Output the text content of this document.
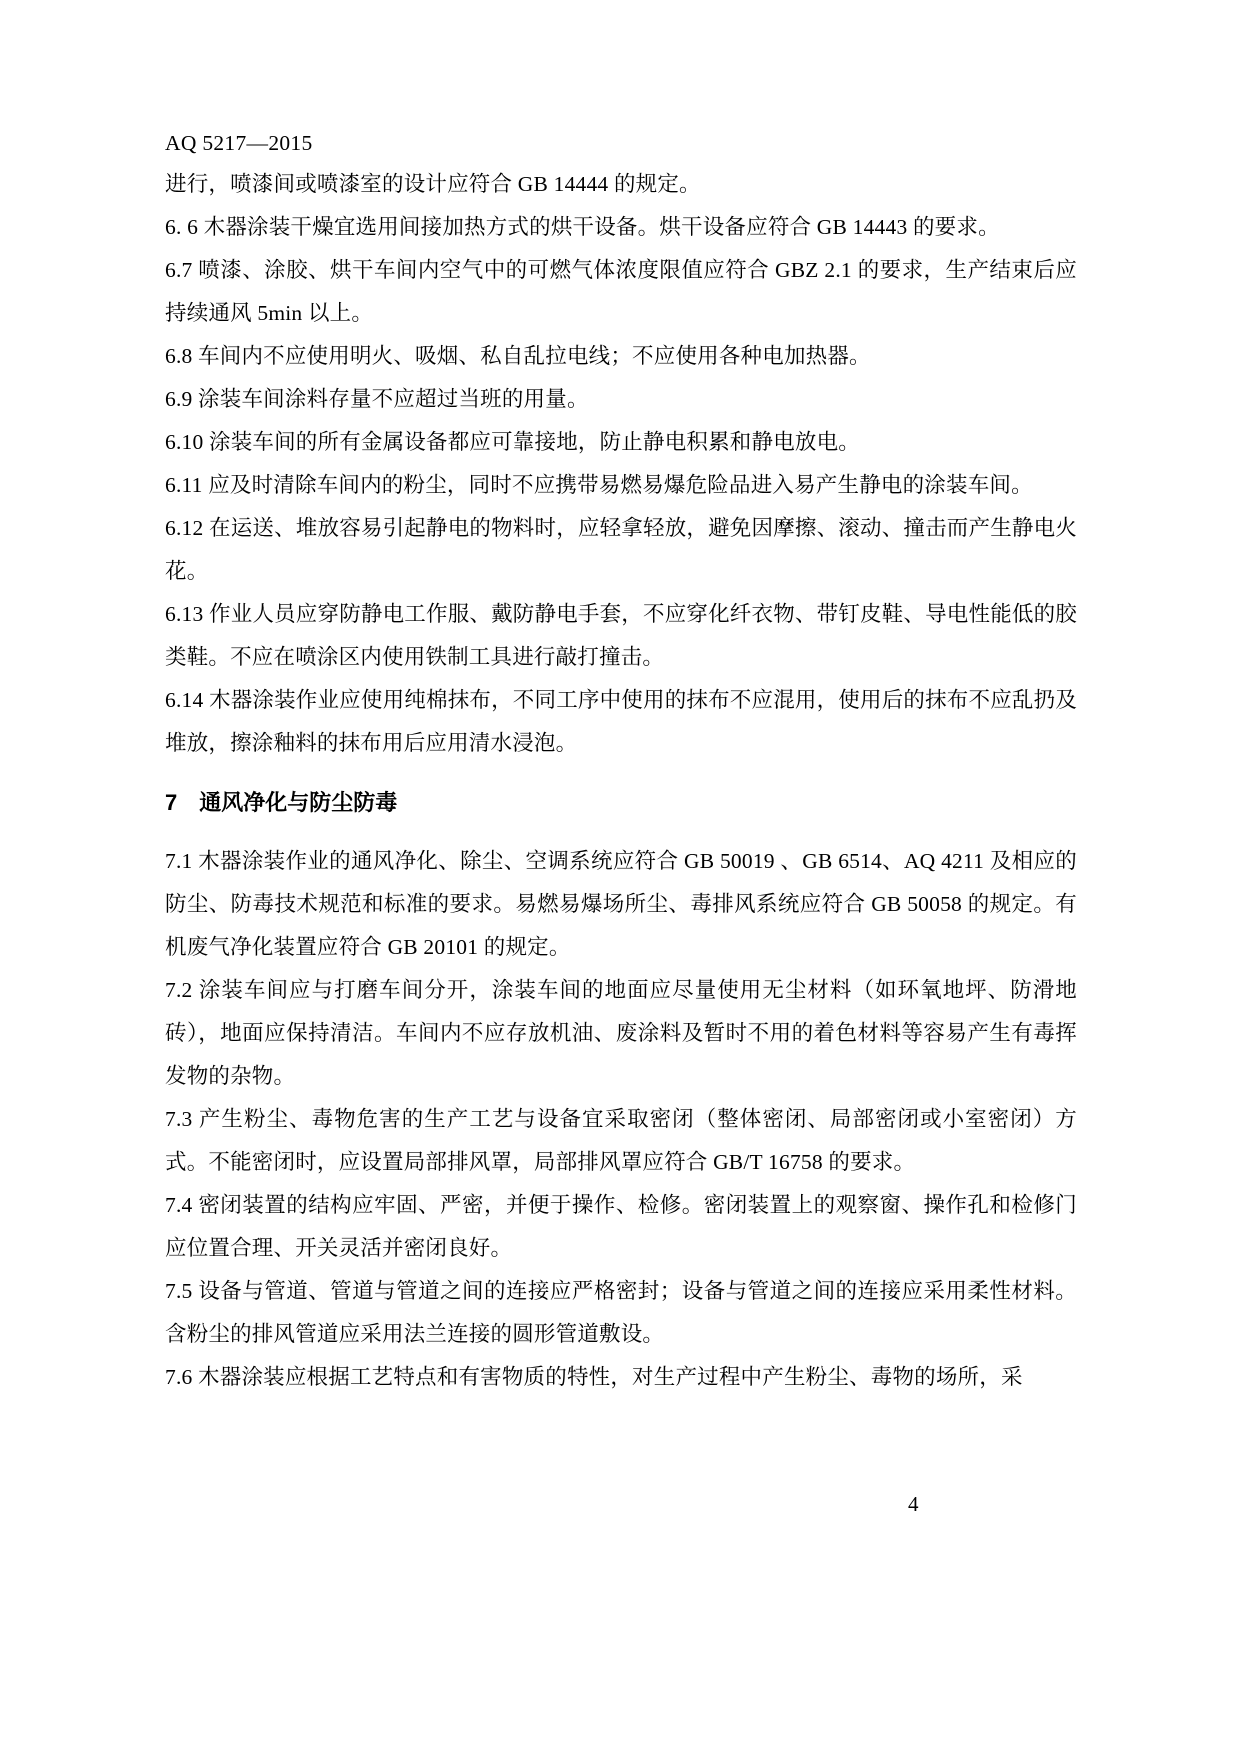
AQ 5217—2015

进行，喷漆间或喷漆室的设计应符合 GB 14444 的规定。

6. 6 木器涂装干燥宜选用间接加热方式的烘干设备。烘干设备应符合 GB 14443 的要求。

6.7 喷漆、涂胶、烘干车间内空气中的可燃气体浓度限值应符合 GBZ 2.1 的要求，生产结束后应持续通风 5min 以上。

6.8 车间内不应使用明火、吸烟、私自乱拉电线；不应使用各种电加热器。

6.9 涂装车间涂料存量不应超过当班的用量。

6.10 涂装车间的所有金属设备都应可靠接地，防止静电积累和静电放电。

6.11 应及时清除车间内的粉尘，同时不应携带易燃易爆危险品进入易产生静电的涂装车间。

6.12 在运送、堆放容易引起静电的物料时，应轻拿轻放，避免因摩擦、滚动、撞击而产生静电火花。

6.13 作业人员应穿防静电工作服、戴防静电手套，不应穿化纤衣物、带钉皮鞋、导电性能低的胶类鞋。不应在喷涂区内使用铁制工具进行敲打撞击。

6.14 木器涂装作业应使用纯棉抹布，不同工序中使用的抹布不应混用，使用后的抹布不应乱扔及堆放，擦涂釉料的抹布用后应用清水浸泡。

7　通风净化与防尘防毒

7.1 木器涂装作业的通风净化、除尘、空调系统应符合 GB 50019 、GB 6514、AQ 4211 及相应的防尘、防毒技术规范和标准的要求。易燃易爆场所尘、毒排风系统应符合 GB 50058 的规定。有机废气净化装置应符合 GB 20101 的规定。

7.2 涂装车间应与打磨车间分开，涂装车间的地面应尽量使用无尘材料（如环氧地坪、防滑地砖），地面应保持清洁。车间内不应存放机油、废涂料及暂时不用的着色材料等容易产生有毒挥发物的杂物。

7.3 产生粉尘、毒物危害的生产工艺与设备宜采取密闭（整体密闭、局部密闭或小室密闭）方式。不能密闭时，应设置局部排风罩，局部排风罩应符合 GB/T 16758 的要求。

7.4 密闭装置的结构应牢固、严密，并便于操作、检修。密闭装置上的观察窗、操作孔和检修门应位置合理、开关灵活并密闭良好。

7.5 设备与管道、管道与管道之间的连接应严格密封；设备与管道之间的连接应采用柔性材料。含粉尘的排风管道应采用法兰连接的圆形管道敷设。

7.6 木器涂装应根据工艺特点和有害物质的特性，对生产过程中产生粉尘、毒物的场所，采

4
